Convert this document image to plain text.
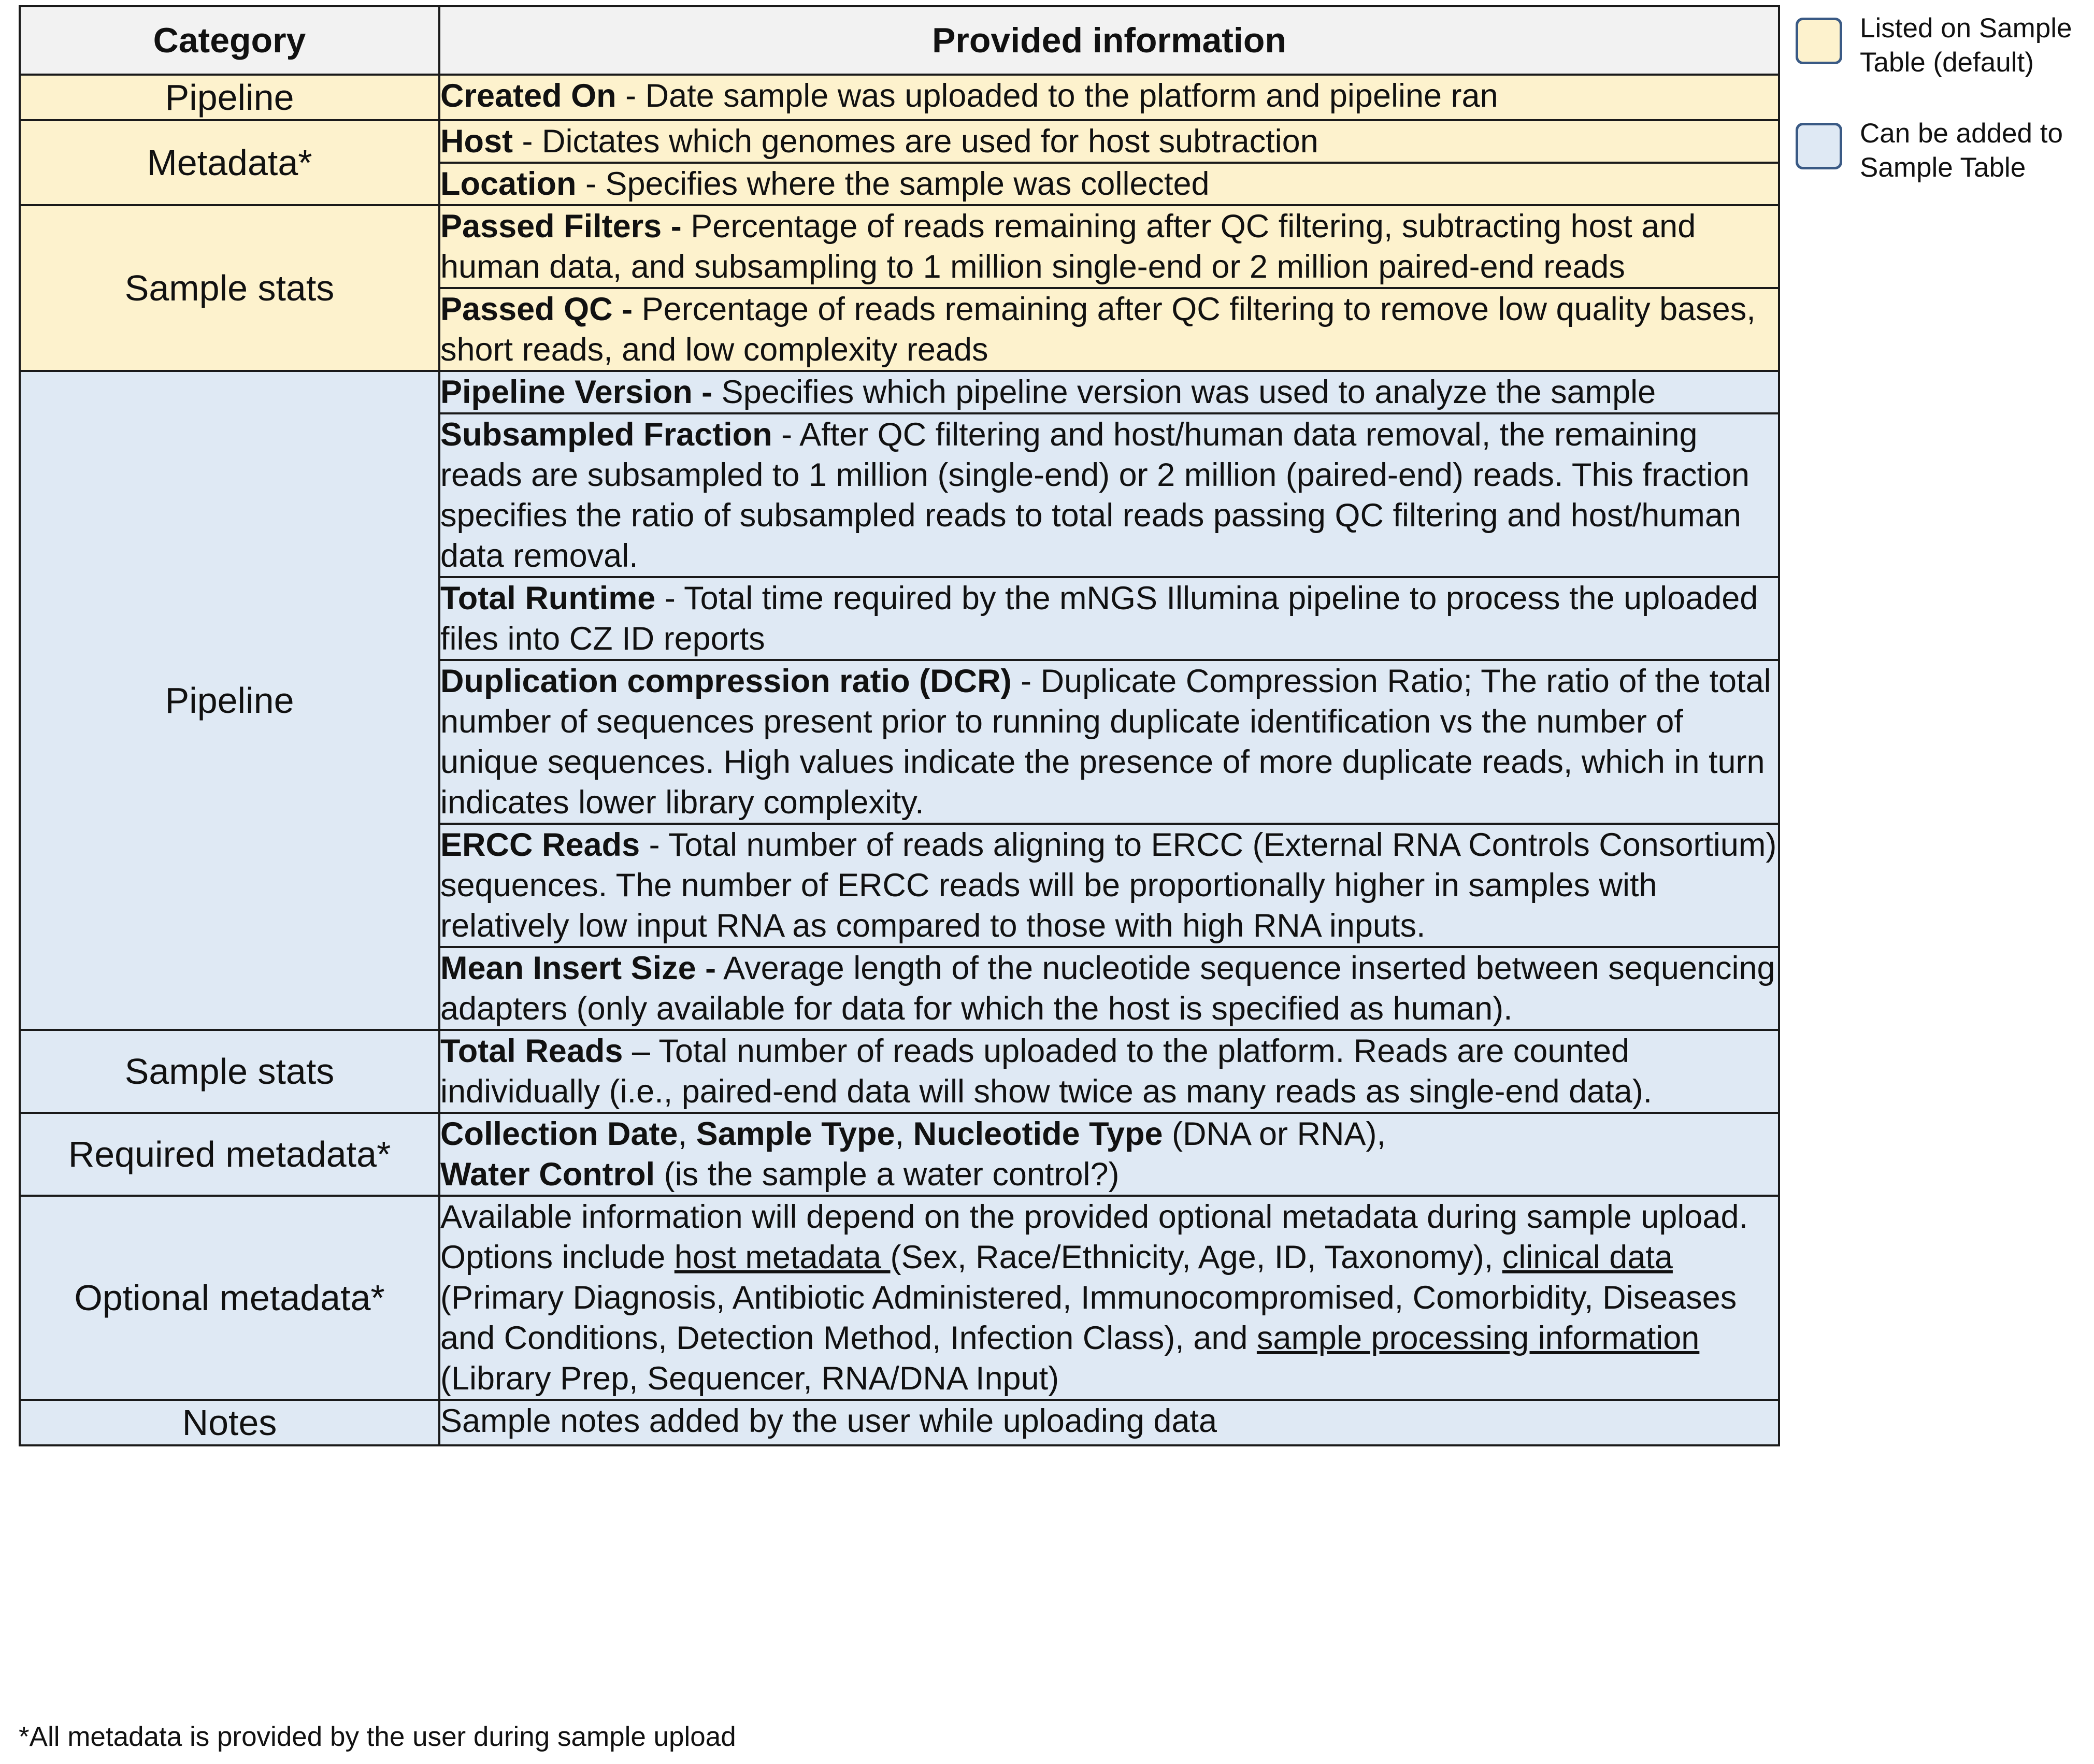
Category	Provided information
Pipeline	Created On - Date sample was uploaded to the platform and pipeline ran
Metadata*	Host - Dictates which genomes are used for host subtraction
	Location - Specifies where the sample was collected
Sample stats	Passed Filters - Percentage of reads remaining after QC filtering, subtracting host and human data, and subsampling to 1 million single-end or 2 million paired-end reads
	Passed QC - Percentage of reads remaining after QC filtering to remove low quality bases, short reads, and low complexity reads
Pipeline	Pipeline Version - Specifies which pipeline version was used to analyze the sample
	Subsampled Fraction - After QC filtering and host/human data removal, the remaining reads are subsampled to 1 million (single-end) or 2 million (paired-end) reads. This fraction specifies the ratio of subsampled reads to total reads passing QC filtering and host/human data removal.
	Total Runtime - Total time required by the mNGS Illumina pipeline to process the uploaded files into CZ ID reports
	Duplication compression ratio (DCR) - Duplicate Compression Ratio; The ratio of the total number of sequences present prior to running duplicate identification vs the number of unique sequences. High values indicate the presence of more duplicate reads, which in turn indicates lower library complexity.
	ERCC Reads - Total number of reads aligning to ERCC (External RNA Controls Consortium) sequences. The number of ERCC reads will be proportionally higher in samples with relatively low input RNA as compared to those with high RNA inputs.
	Mean Insert Size - Average length of the nucleotide sequence inserted between sequencing adapters (only available for data for which the host is specified as human).
Sample stats	Total Reads – Total number of reads uploaded to the platform. Reads are counted individually (i.e., paired-end data will show twice as many reads as single-end data).
Required metadata*	Collection Date, Sample Type, Nucleotide Type (DNA or RNA),
Water Control (is the sample a water control?)
Optional metadata*	Available information will depend on the provided optional metadata during sample upload. Options include host metadata (Sex, Race/Ethnicity, Age, ID, Taxonomy), clinical data (Primary Diagnosis, Antibiotic Administered, Immunocompromised, Comorbidity, Diseases and Conditions, Detection Method, Infection Class), and sample processing information (Library Prep, Sequencer, RNA/DNA Input)
Notes	Sample notes added by the user while uploading data
Listed on Sample Table (default)
Can be added to Sample Table
*All metadata is provided by the user during sample upload
